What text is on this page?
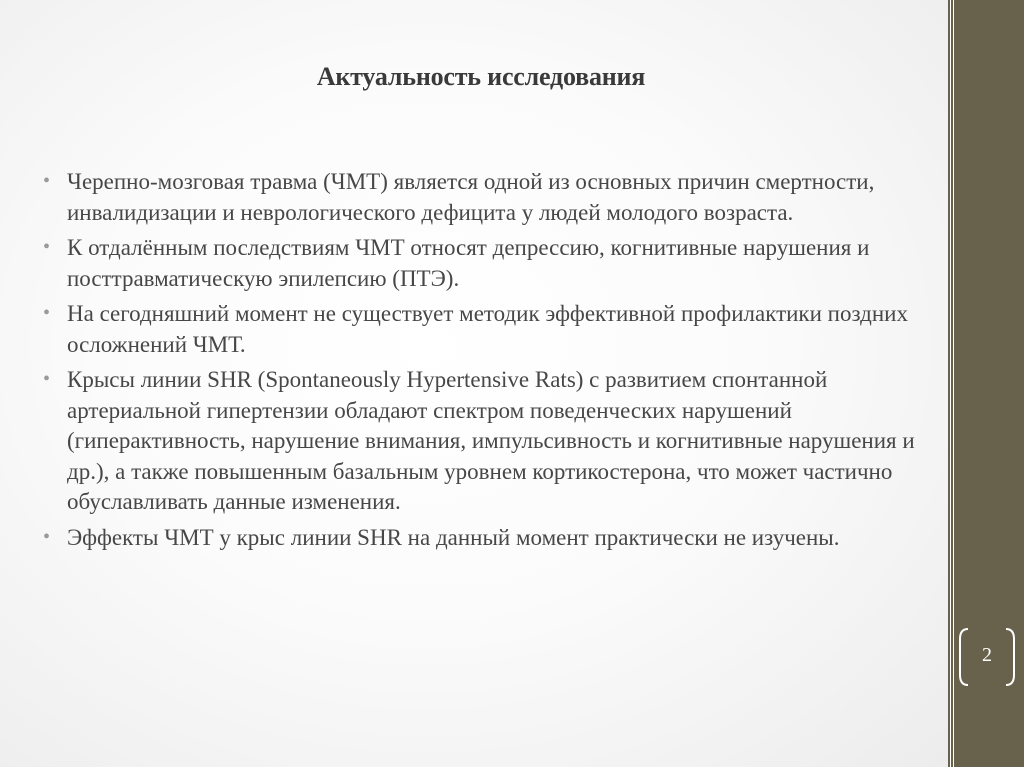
Актуальность исследования
• Черепно-мозговая травма (ЧМТ) является одной из основных причин смертности, инвалидизации и неврологического дефицита у людей молодого возраста.
• К отдалённым последствиям ЧМТ относят депрессию, когнитивные нарушения и посттравматическую эпилепсию (ПТЭ).
• На сегодняшний момент не существует методик эффективной профилактики поздних осложнений ЧМТ.
• Крысы линии SHR (Spontaneously Hypertensive Rats) с развитием спонтанной артериальной гипертензии обладают спектром поведенческих нарушений (гиперактивность, нарушение внимания, импульсивность и когнитивные нарушения и др.), а также повышенным базальным уровнем кортикостерона, что может частично обуславливать данные изменения.
• Эффекты ЧМТ у крыс линии SHR на данный момент практически не изучены.
2
